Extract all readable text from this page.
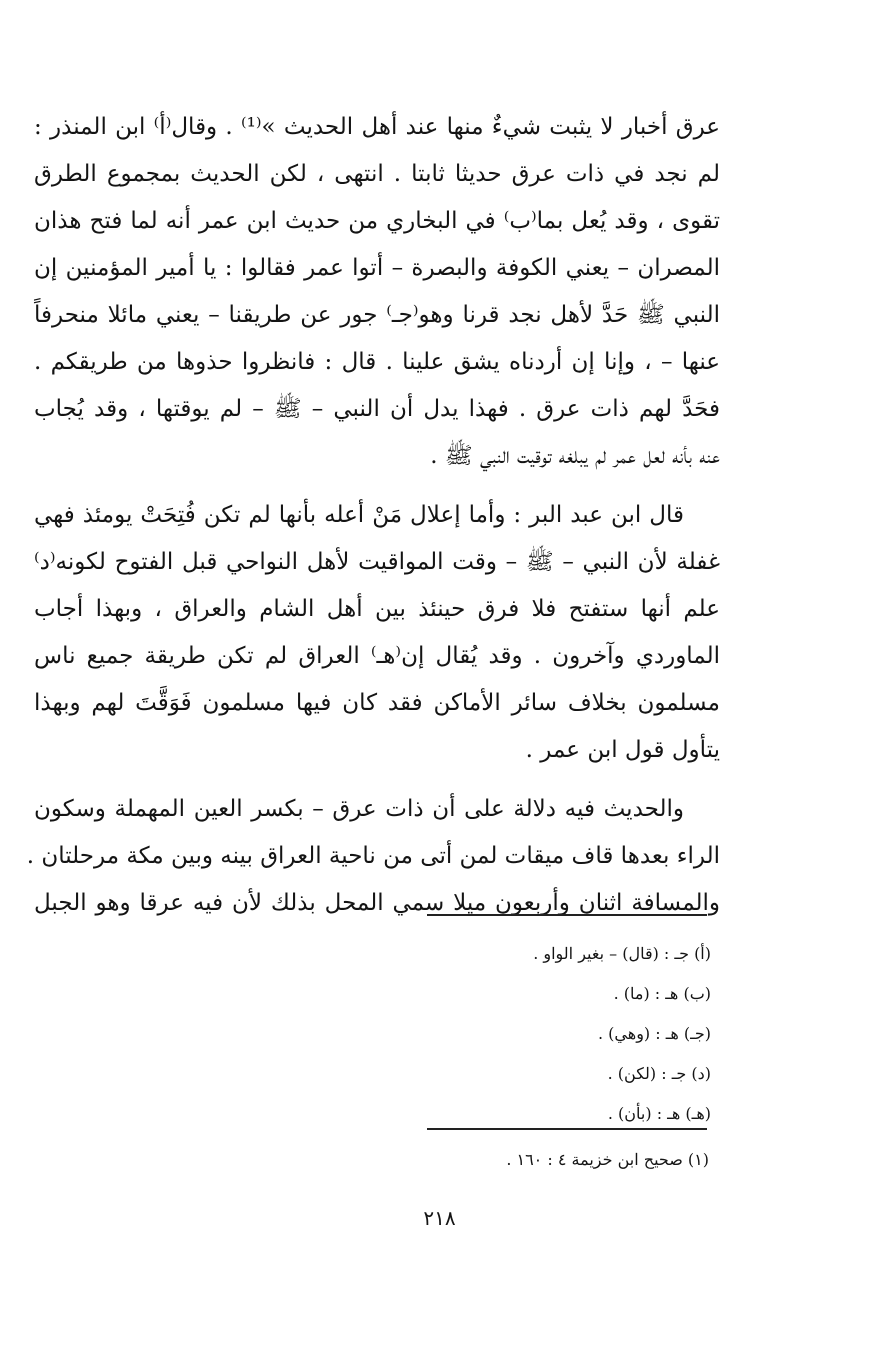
عرق أخبار لا يثبت شيءٌ منها عند أهل الحديث »⁽¹⁾ . وقال⁽أ⁾ ابن المنذر :
لم نجد في ذات عرق حديثا ثابتا . انتهى ، لكن الحديث بمجموع الطرق
تقوى ، وقد يُعل بما⁽ب⁾ في البخاري من حديث ابن عمر أنه لما فتح هذان
المصران – يعني الكوفة والبصرة – أتوا عمر فقالوا : يا أمير المؤمنين إن
النبي ﷺ حَدَّ لأهل نجد قرنا وهو⁽جـ⁾ جور عن طريقنا – يعني مائلا منحرفاً
عنها – ، وإنا إن أردناه يشق علينا . قال : فانظروا حذوها من طريقكم .
فحَدَّ لهم ذات عرق . فهذا يدل أن النبي – ﷺ – لم يوقتها ، وقد يُجاب
عنه بأنه لعل عمر لم يبلغه توقيت النبي ﷺ .
قال ابن عبد البر : وأما إعلال مَنْ أعله بأنها لم تكن فُتِحَتْ يومئذ فهي
غفلة لأن النبي – ﷺ – وقت المواقيت لأهل النواحي قبل الفتوح لكونه⁽د⁾
علم أنها ستفتح فلا فرق حينئذ بين أهل الشام والعراق ، وبهذا أجاب
الماوردي وآخرون . وقد يُقال إن⁽هـ⁾ العراق لم تكن طريقة جميع ناس
مسلمون بخلاف سائر الأماكن فقد كان فيها مسلمون فَوَقَّتَ لهم وبهذا
يتأول قول ابن عمر .
والحديث فيه دلالة على أن ذات عرق – بكسر العين المهملة وسكون
الراء بعدها قاف ميقات لمن أتى من ناحية العراق بينه وبين مكة مرحلتان .
والمسافة اثنان وأربعون ميلا سمي المحل بذلك لأن فيه عرقا وهو الجبل
(أ) جـ : (قال) – بغير الواو .
(ب) هـ : (ما) .
(جـ) هـ : (وهي) .
(د) جـ : (لكن) .
(هـ) هـ : (بأن) .
(١) صحيح ابن خزيمة ٤ : ١٦٠ .
٢١٨
